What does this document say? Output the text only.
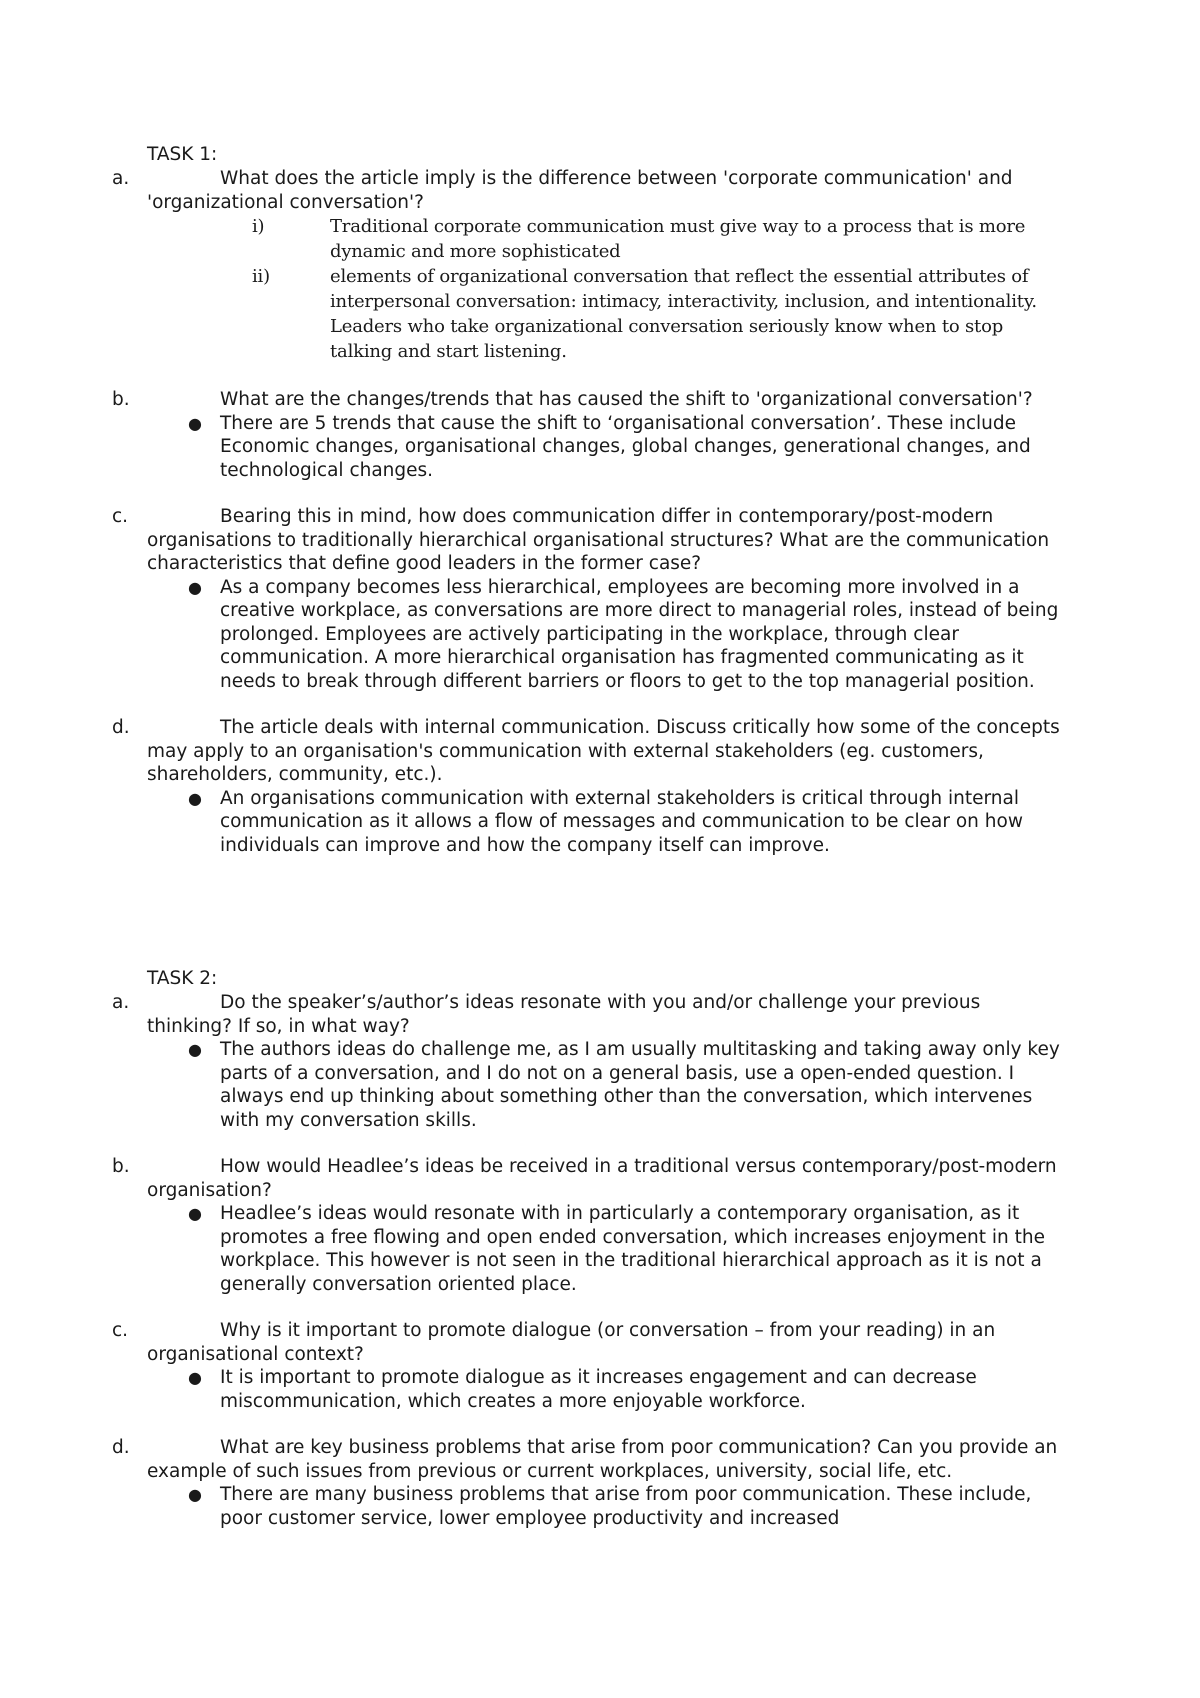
TASK 1:
a.	What does the article imply is the difference between 'corporate communication' and 'organizational conversation'?
i)	Traditional corporate communication must give way to a process that is more dynamic and more sophisticated
ii)	elements of organizational conversation that reflect the essential attributes of interpersonal conversation: intimacy, interactivity, inclusion, and intentionality. Leaders who take organizational conversation seriously know when to stop talking and start listening.
b.	What are the changes/trends that has caused the shift to 'organizational conversation'?
● There are 5 trends that cause the shift to ‘organisational conversation’. These include Economic changes, organisational changes, global changes, generational changes, and technological changes.
c.	Bearing this in mind, how does communication differ in contemporary/post-modern organisations to traditionally hierarchical organisational structures? What are the communication characteristics that define good leaders in the former case?
● As a company becomes less hierarchical, employees are becoming more involved in a creative workplace, as conversations are more direct to managerial roles, instead of being prolonged. Employees are actively participating in the workplace, through clear communication. A more hierarchical organisation has fragmented communicating as it needs to break through different barriers or floors to get to the top managerial position.
d.	The article deals with internal communication. Discuss critically how some of the concepts may apply to an organisation's communication with external stakeholders (eg. customers, shareholders, community, etc.).
● An organisations communication with external stakeholders is critical through internal communication as it allows a flow of messages and communication to be clear on how individuals can improve and how the company itself can improve.
TASK 2:
a.	Do the speaker’s/author’s ideas resonate with you and/or challenge your previous thinking? If so, in what way?
● The authors ideas do challenge me, as I am usually multitasking and taking away only key parts of a conversation, and I do not on a general basis, use a open-ended question. I always end up thinking about something other than the conversation, which intervenes with my conversation skills.
b.	How would Headlee’s ideas be received in a traditional versus contemporary/post-modern organisation?
● Headlee’s ideas would resonate with in particularly a contemporary organisation, as it promotes a free flowing and open ended conversation, which increases enjoyment in the workplace. This however is not seen in the traditional hierarchical approach as it is not a generally conversation oriented place.
c.	Why is it important to promote dialogue (or conversation – from your reading) in an organisational context?
● It is important to promote dialogue as it increases engagement and can decrease miscommunication, which creates a more enjoyable workforce.
d.	What are key business problems that arise from poor communication? Can you provide an example of such issues from previous or current workplaces, university, social life, etc.
● There are many business problems that arise from poor communication. These include, poor customer service, lower employee productivity and increased
